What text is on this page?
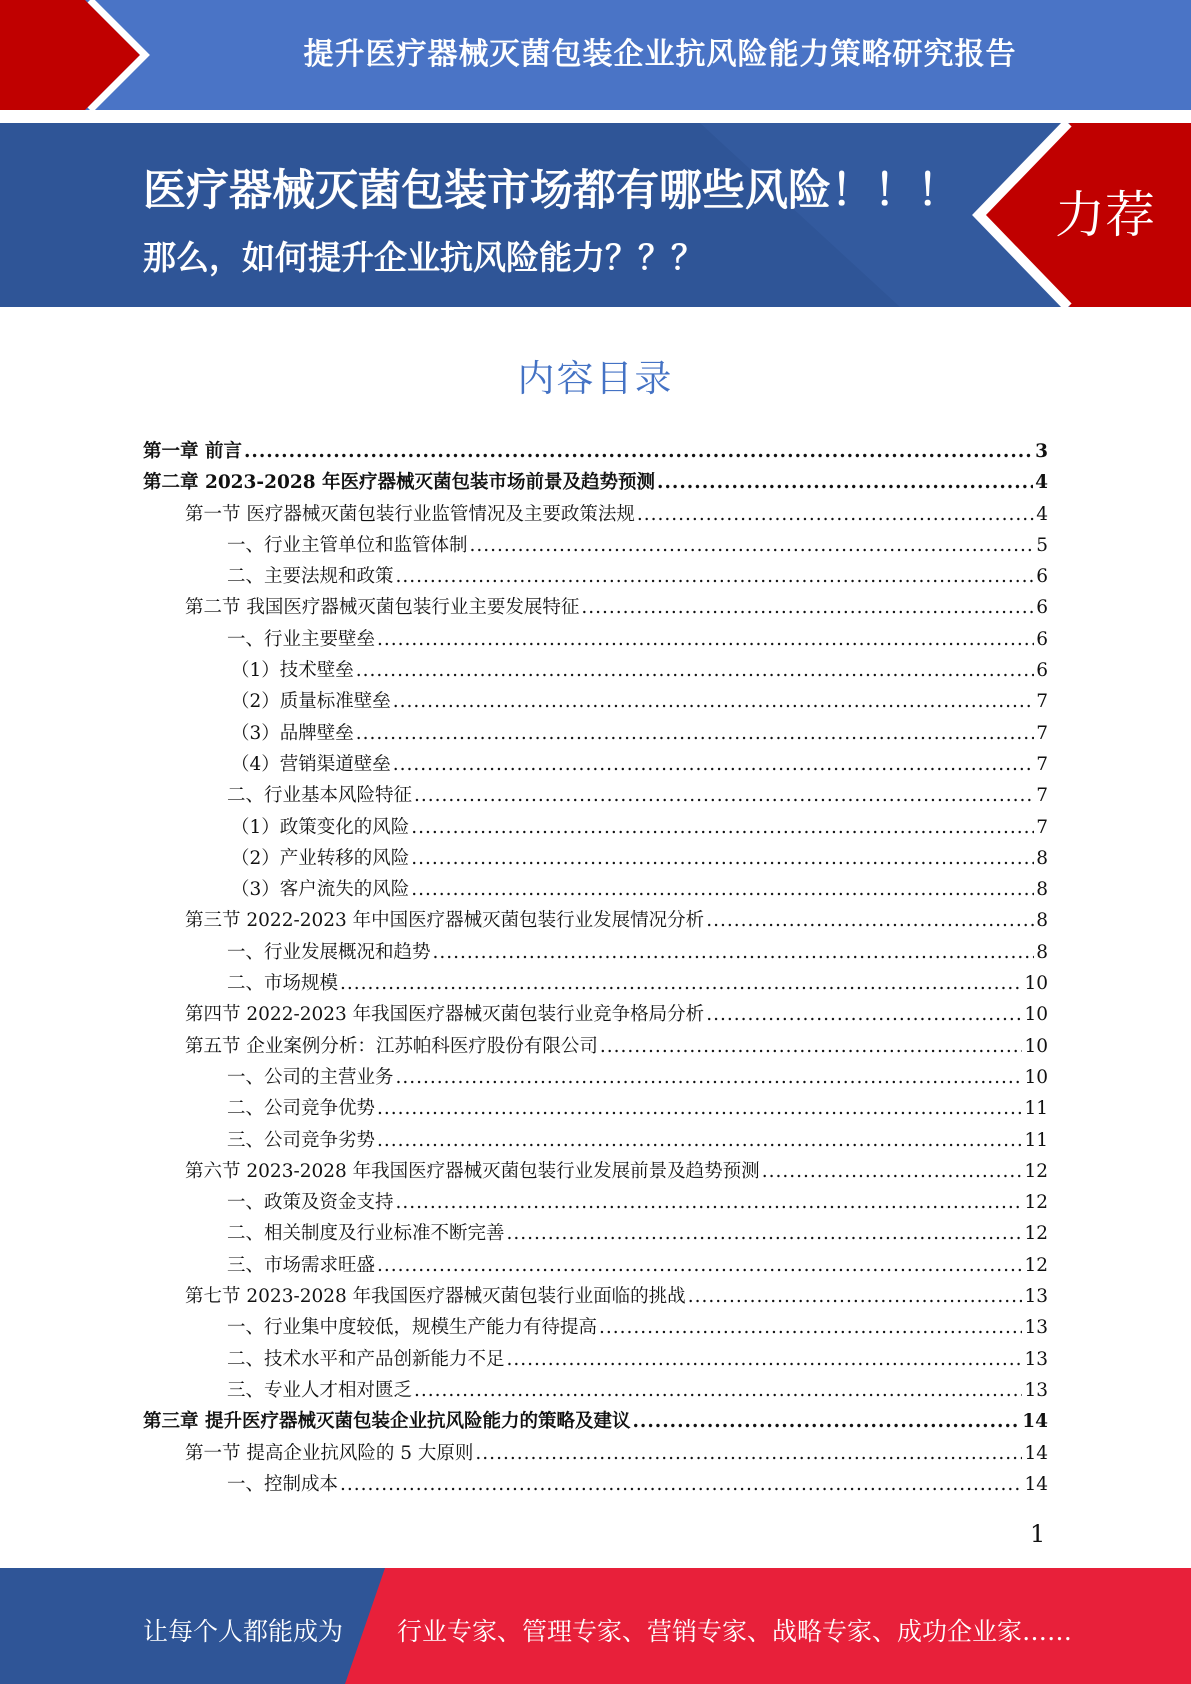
提升医疗器械灭菌包装企业抗风险能力策略研究报告
医疗器械灭菌包装市场都有哪些风险！！！
那么，如何提升企业抗风险能力？？？
力荐
内容目录
第一章 前言 .....	3
第二章 2023-2028 年医疗器械灭菌包装市场前景及趋势预测 .....	4
第一节 医疗器械灭菌包装行业监管情况及主要政策法规 .....	4
一、行业主管单位和监管体制 .....	5
二、主要法规和政策 .....	6
第二节 我国医疗器械灭菌包装行业主要发展特征 .....	6
一、行业主要壁垒 .....	6
（1）技术壁垒 .....	6
（2）质量标准壁垒 .....	7
（3）品牌壁垒 .....	7
（4）营销渠道壁垒 .....	7
二、行业基本风险特征 .....	7
（1）政策变化的风险 .....	7
（2）产业转移的风险 .....	8
（3）客户流失的风险 .....	8
第三节 2022-2023 年中国医疗器械灭菌包装行业发展情况分析 .....	8
一、行业发展概况和趋势 .....	8
二、市场规模 .....	10
第四节 2022-2023 年我国医疗器械灭菌包装行业竞争格局分析 .....	10
第五节 企业案例分析：江苏帕科医疗股份有限公司 .....	10
一、公司的主营业务 .....	10
二、公司竞争优势 .....	11
三、公司竞争劣势 .....	11
第六节 2023-2028 年我国医疗器械灭菌包装行业发展前景及趋势预测 .....	12
一、政策及资金支持 .....	12
二、相关制度及行业标准不断完善 .....	12
三、市场需求旺盛 .....	12
第七节 2023-2028 年我国医疗器械灭菌包装行业面临的挑战 .....	13
一、行业集中度较低，规模生产能力有待提高 .....	13
二、技术水平和产品创新能力不足 .....	13
三、专业人才相对匮乏 .....	13
第三章 提升医疗器械灭菌包装企业抗风险能力的策略及建议 .....	14
第一节 提高企业抗风险的 5 大原则 .....	14
一、控制成本 .....	14
1
让每个人都能成为 行业专家、管理专家、营销专家、战略专家、成功企业家……
